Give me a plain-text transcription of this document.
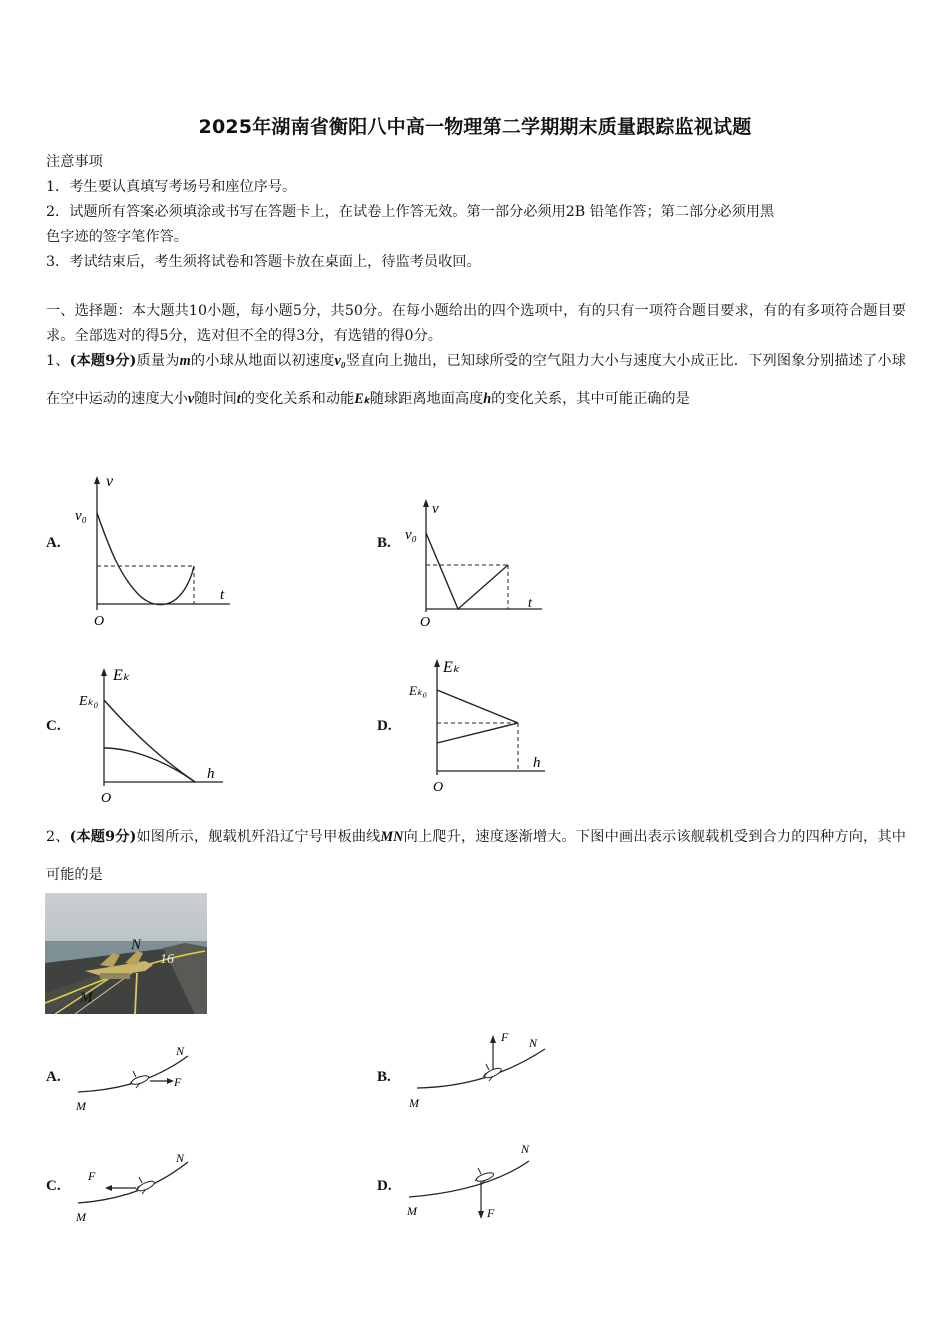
2025年湖南省衡阳八中高一物理第二学期期末质量跟踪监视试题
注意事项
1．考生要认真填写考场号和座位序号。
2．试题所有答案必须填涂或书写在答题卡上，在试卷上作答无效。第一部分必须用2B 铅笔作答；第二部分必须用黑
色字迹的签字笔作答。
3．考试结束后，考生须将试卷和答题卡放在桌面上，待监考员收回。
一、选择题：本大题共10小题，每小题5分，共50分。在每小题给出的四个选项中，有的只有一项符合题目要求，有的有多项符合题目要求。全部选对的得5分，选对但不全的得3分，有选错的得0分。
1、(本题9分)质量为m的小球从地面以初速度v₀竖直向上抛出，已知球所受的空气阻力大小与速度大小成正比．下列图象分别描述了小球在空中运动的速度大小v随时间t的变化关系和动能Eₖ随球距离地面高度h的变化关系，其中可能正确的是
A.	B.
C.	D.
v
v₀
t
O
v
v₀
t
O
Eₖ
Eₖ₀
h
O
Eₖ
Eₖ₀
h
O
2、(本题9分)如图所示，舰载机歼沿辽宁号甲板曲线MN向上爬升，速度逐渐增大。下图中画出表示该舰载机受到合力的四种方向，其中可能的是
16
N
M
A.	B.
C.	D.
F
M
N
F
M
N
F
M
N
F
M
N
